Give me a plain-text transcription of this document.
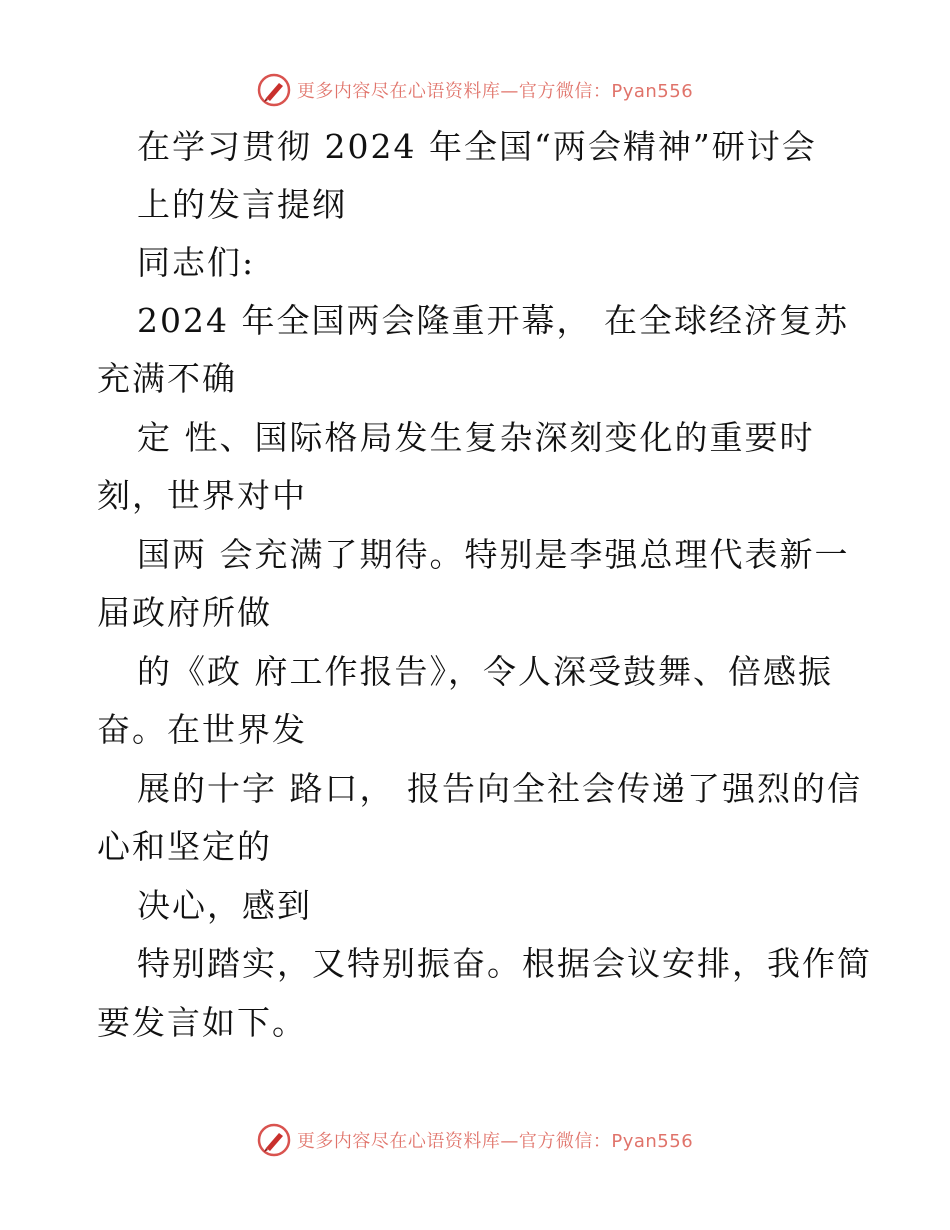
更多内容尽在心语资料库—官方微信：Pyan556
在学习贯彻 2024 年全国“两会精神”研讨会
上的发言提纲
同志们:
2024 年全国两会隆重开幕， 在全球经济复苏
充满不确
定 性、国际格局发生复杂深刻变化的重要时
刻，世界对中
国两 会充满了期待。特别是李强总理代表新一
届政府所做
的《政 府工作报告》，令人深受鼓舞、倍感振
奋。在世界发
展的十字 路口， 报告向全社会传递了强烈的信
心和坚定的
决心，感到
特别踏实，又特别振奋。根据会议安排，我作简
要发言如下。
更多内容尽在心语资料库—官方微信：Pyan556
